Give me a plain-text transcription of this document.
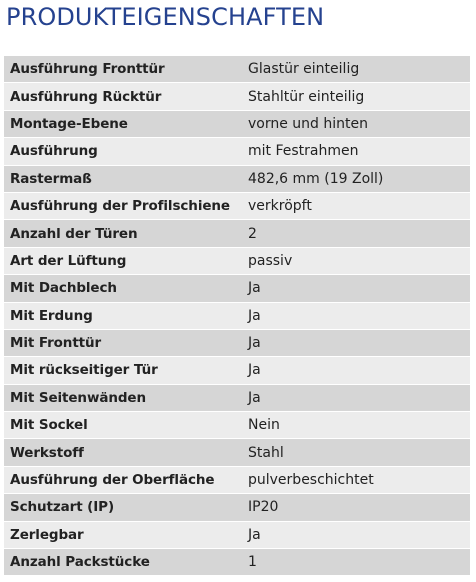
PRODUKTEIGENSCHAFTEN
Ausführung Fronttür	Glastür einteilig
Ausführung Rücktür	Stahltür einteilig
Montage-Ebene	vorne und hinten
Ausführung	mit Festrahmen
Rastermaß	482,6 mm (19 Zoll)
Ausführung der Profilschiene	verkröpft
Anzahl der Türen	2
Art der Lüftung	passiv
Mit Dachblech	Ja
Mit Erdung	Ja
Mit Fronttür	Ja
Mit rückseitiger Tür	Ja
Mit Seitenwänden	Ja
Mit Sockel	Nein
Werkstoff	Stahl
Ausführung der Oberfläche	pulverbeschichtet
Schutzart (IP)	IP20
Zerlegbar	Ja
Anzahl Packstücke	1
